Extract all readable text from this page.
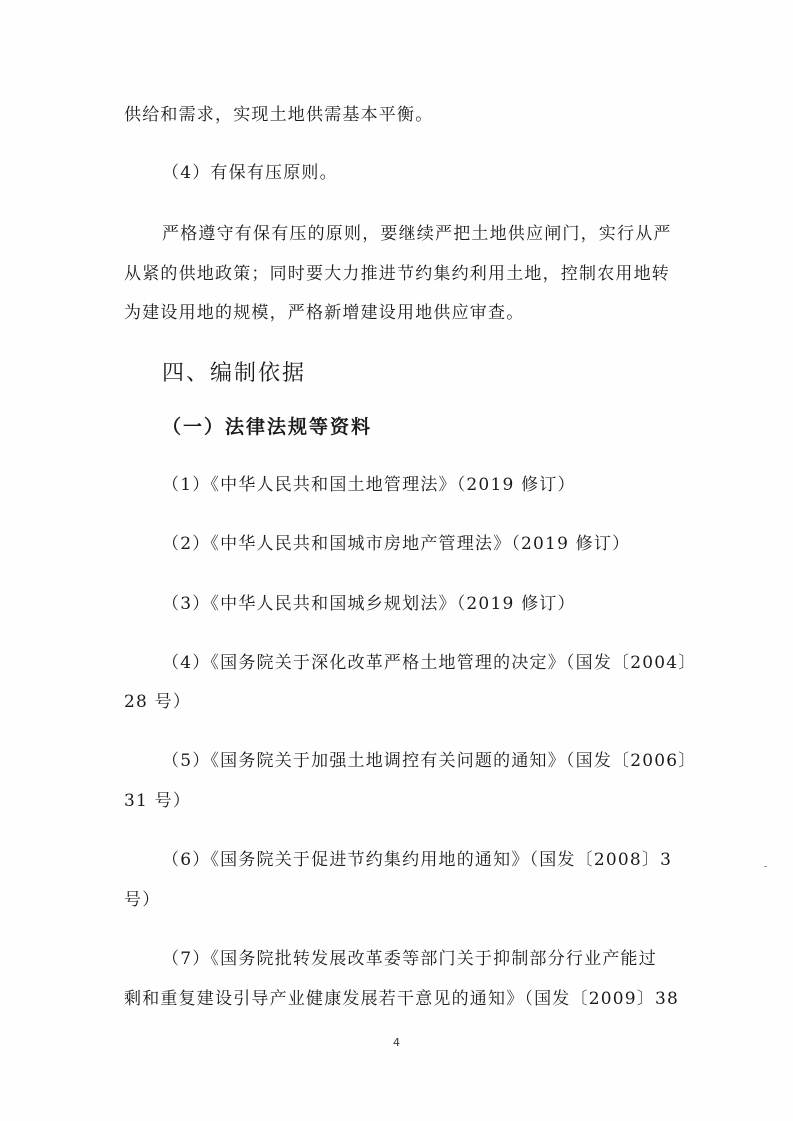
供给和需求，实现土地供需基本平衡。
（4）有保有压原则。
严格遵守有保有压的原则，要继续严把土地供应闸门，实行从严
从紧的供地政策；同时要大力推进节约集约利用土地，控制农用地转
为建设用地的规模，严格新增建设用地供应审查。
四、编制依据
（一）法律法规等资料
（1）《中华人民共和国土地管理法》（2019 修订）
（2）《中华人民共和国城市房地产管理法》（2019 修订）
（3）《中华人民共和国城乡规划法》（2019 修订）
（4）《国务院关于深化改革严格土地管理的决定》（国发〔2004〕
28 号）
（5）《国务院关于加强土地调控有关问题的通知》（国发〔2006〕
31 号）
（6）《国务院关于促进节约集约用地的通知》（国发〔2008〕3
号）
（7）《国务院批转发展改革委等部门关于抑制部分行业产能过
剩和重复建设引导产业健康发展若干意见的通知》（国发〔2009〕38
4
